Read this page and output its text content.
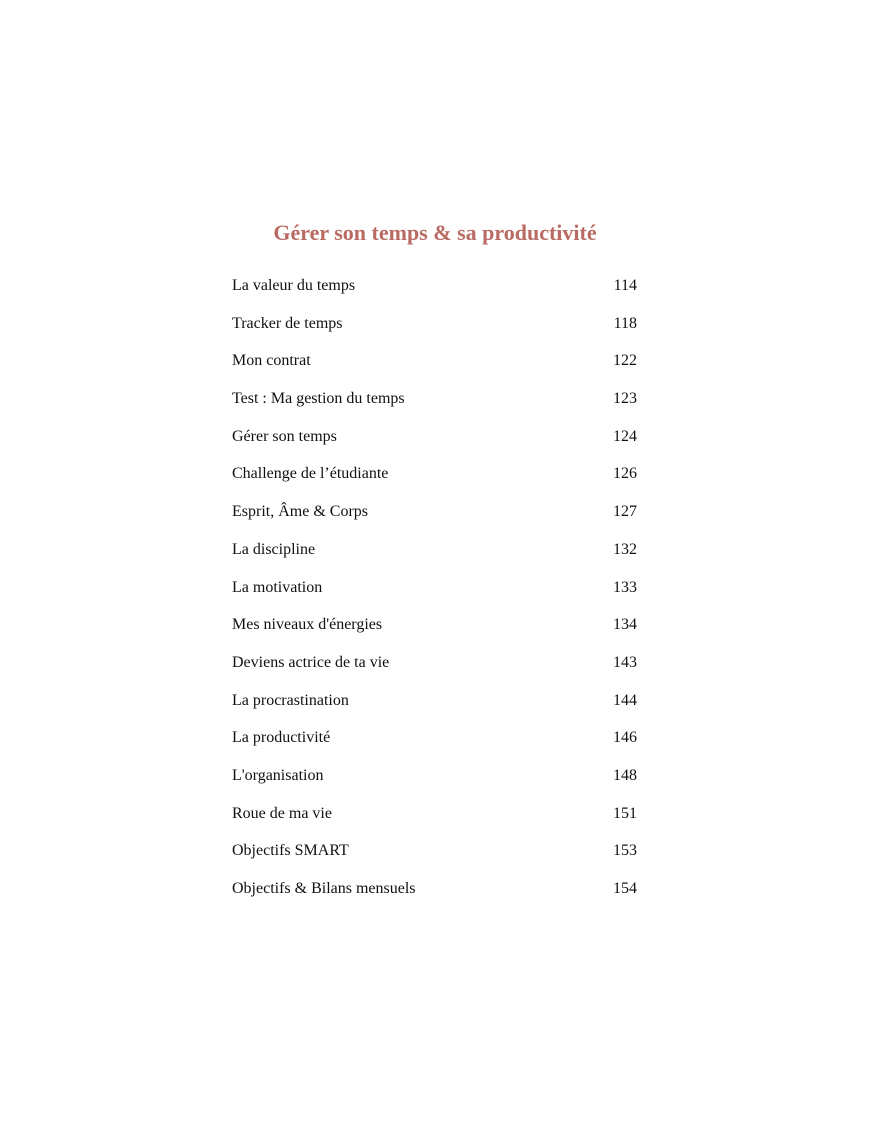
Gérer son temps & sa productivité
La valeur du temps	114
Tracker de temps	118
Mon contrat	122
Test : Ma gestion du temps	123
Gérer son temps	124
Challenge de l’étudiante	126
Esprit, Âme & Corps	127
La discipline	132
La motivation	133
Mes niveaux d'énergies	134
Deviens actrice de ta vie	143
La procrastination	144
La productivité	146
L'organisation	148
Roue de ma vie	151
Objectifs SMART	153
Objectifs & Bilans mensuels	154
